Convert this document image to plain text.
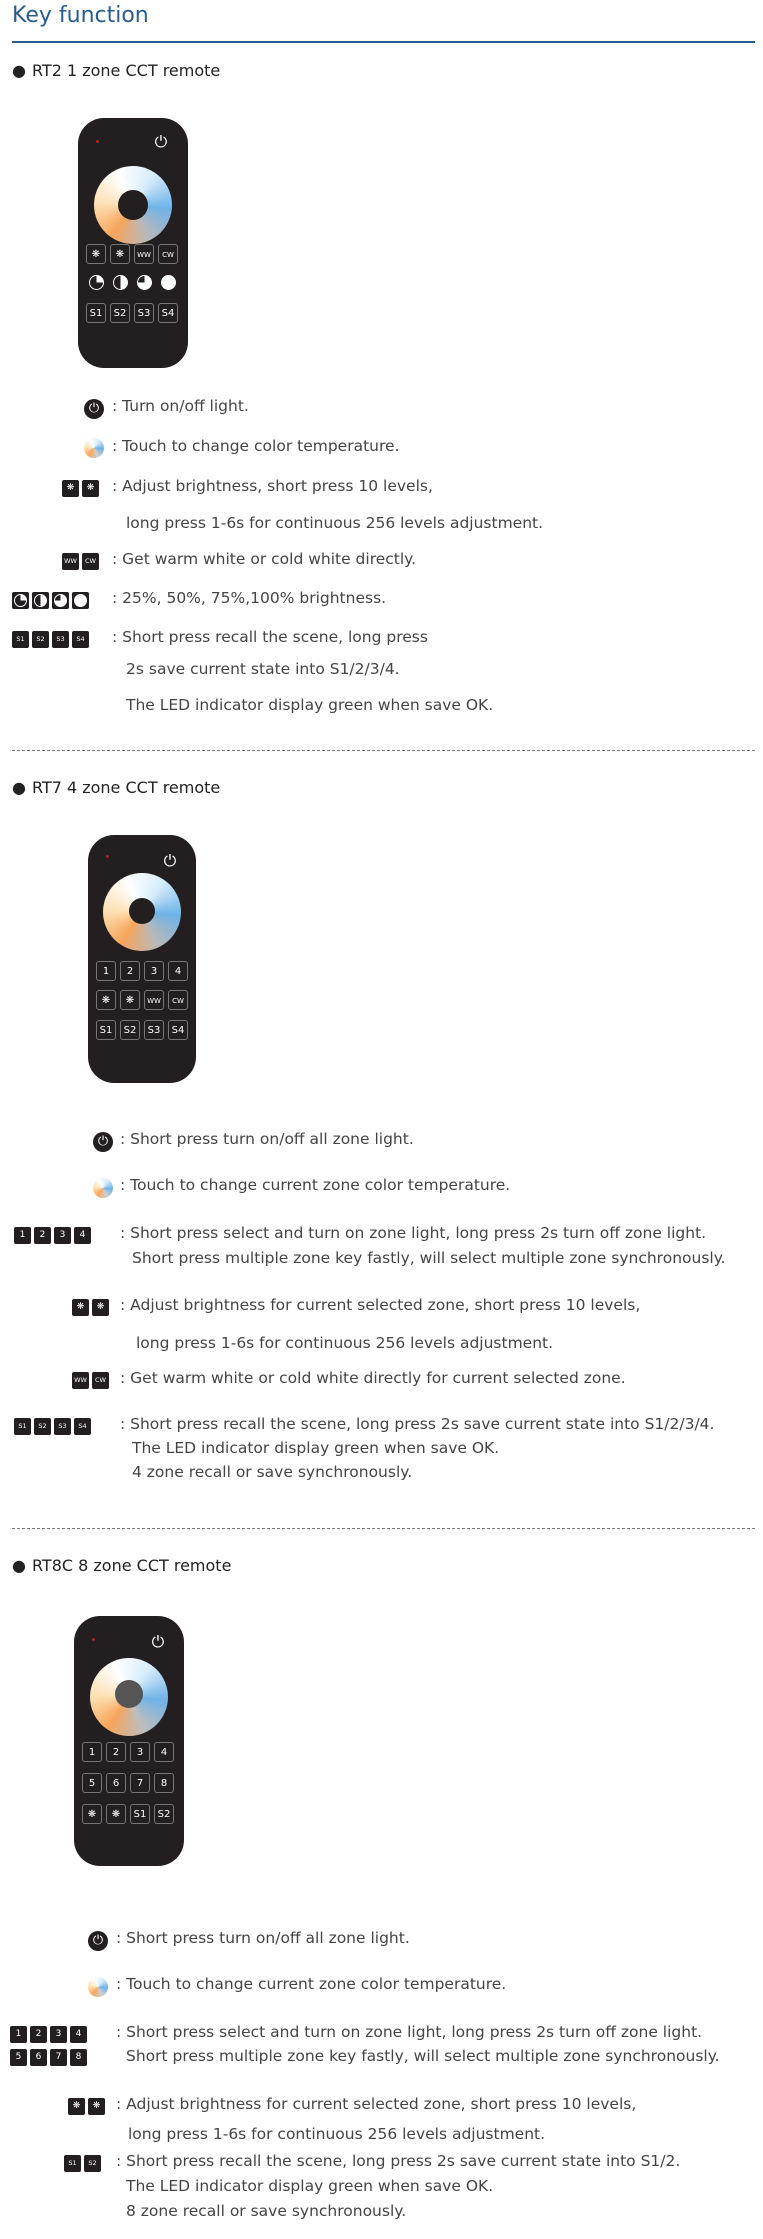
Key function
● RT2 1 zone CCT remote
⏻
❋	❋	WW	CW
S1	S2	S3	S4
⏻ : Turn on/off light.
: Touch to change color temperature.
❋ ❋	: Adjust brightness, short press 10 levels,
long press 1-6s for continuous 256 levels adjustment.
WW CW	: Get warm white or cold white directly.
: 25%, 50%, 75%,100% brightness.
S1 S2 S3 S4	: Short press recall the scene, long press
2s save current state into S1/2/3/4.
The LED indicator display green when save OK.
● RT7 4 zone CCT remote
⏻
1	2	3	4
❋	❋	WW	CW
S1	S2	S3	S4
⏻ : Short press turn on/off all zone light.
: Touch to change current zone color temperature.
1 2 3 4	: Short press select and turn on zone light, long press 2s turn off zone light.
Short press multiple zone key fastly, will select multiple zone synchronously.
❋ ❋	: Adjust brightness for current selected zone, short press 10 levels,
long press 1-6s for continuous 256 levels adjustment.
WW CW : Get warm white or cold white directly for current selected zone.
S1 S2 S3 S4	: Short press recall the scene, long press 2s save current state into S1/2/3/4.
The LED indicator display green when save OK.
4 zone recall or save synchronously.
● RT8C 8 zone CCT remote
⏻
1	2	3	4
5	6	7	8
❋	❋	S1	S2
⏻ : Short press turn on/off all zone light.
: Touch to change current zone color temperature.
1 2 3 4
5 6 7 8
: Short press select and turn on zone light, long press 2s turn off zone light.
Short press multiple zone key fastly, will select multiple zone synchronously.
❋ ❋	: Adjust brightness for current selected zone, short press 10 levels,
long press 1-6s for continuous 256 levels adjustment.
S1 S2	: Short press recall the scene, long press 2s save current state into S1/2.
The LED indicator display green when save OK.
8 zone recall or save synchronously.
